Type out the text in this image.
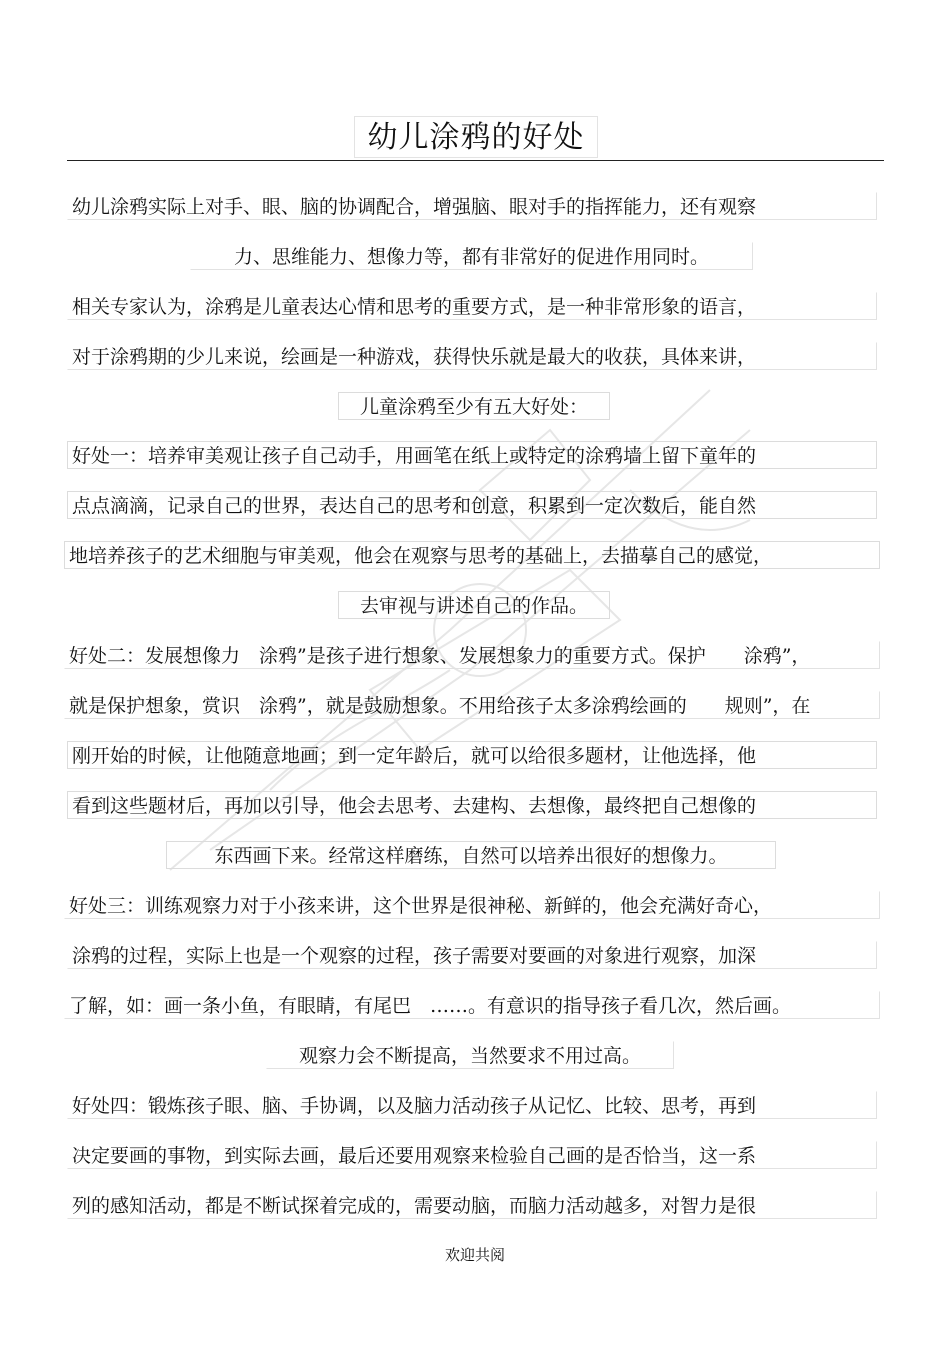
幼儿涂鸦的好处
幼儿涂鸦实际上对手、眼、脑的协调配合，增强脑、眼对手的指挥能力，还有观察
力、思维能力、想像力等，都有非常好的促进作用同时。
相关专家认为，涂鸦是儿童表达心情和思考的重要方式，是一种非常形象的语言，
对于涂鸦期的少儿来说，绘画是一种游戏，获得快乐就是最大的收获，具体来讲，
儿童涂鸦至少有五大好处：
好处一：培养审美观让孩子自己动手，用画笔在纸上或特定的涂鸦墙上留下童年的
点点滴滴，记录自己的世界，表达自己的思考和创意，积累到一定次数后，能自然
地培养孩子的艺术细胞与审美观，他会在观察与思考的基础上，去描摹自己的感觉，
去审视与讲述自己的作品。
好处二：发展想像力　涂鸦”是孩子进行想象、发展想象力的重要方式。保护　　涂鸦”，
就是保护想象，赏识　涂鸦”，就是鼓励想象。不用给孩子太多涂鸦绘画的　　规则”，在
刚开始的时候，让他随意地画；到一定年龄后，就可以给很多题材，让他选择，他
看到这些题材后，再加以引导，他会去思考、去建构、去想像，最终把自己想像的
东西画下来。经常这样磨练，自然可以培养出很好的想像力。
好处三：训练观察力对于小孩来讲，这个世界是很神秘、新鲜的，他会充满好奇心，
涂鸦的过程，实际上也是一个观察的过程，孩子需要对要画的对象进行观察，加深
了解，如：画一条小鱼，有眼睛，有尾巴　……。有意识的指导孩子看几次，然后画。
观察力会不断提高，当然要求不用过高。
好处四：锻炼孩子眼、脑、手协调，以及脑力活动孩子从记忆、比较、思考，再到
决定要画的事物，到实际去画，最后还要用观察来检验自己画的是否恰当，这一系
列的感知活动，都是不断试探着完成的，需要动脑，而脑力活动越多，对智力是很
欢迎共阅
